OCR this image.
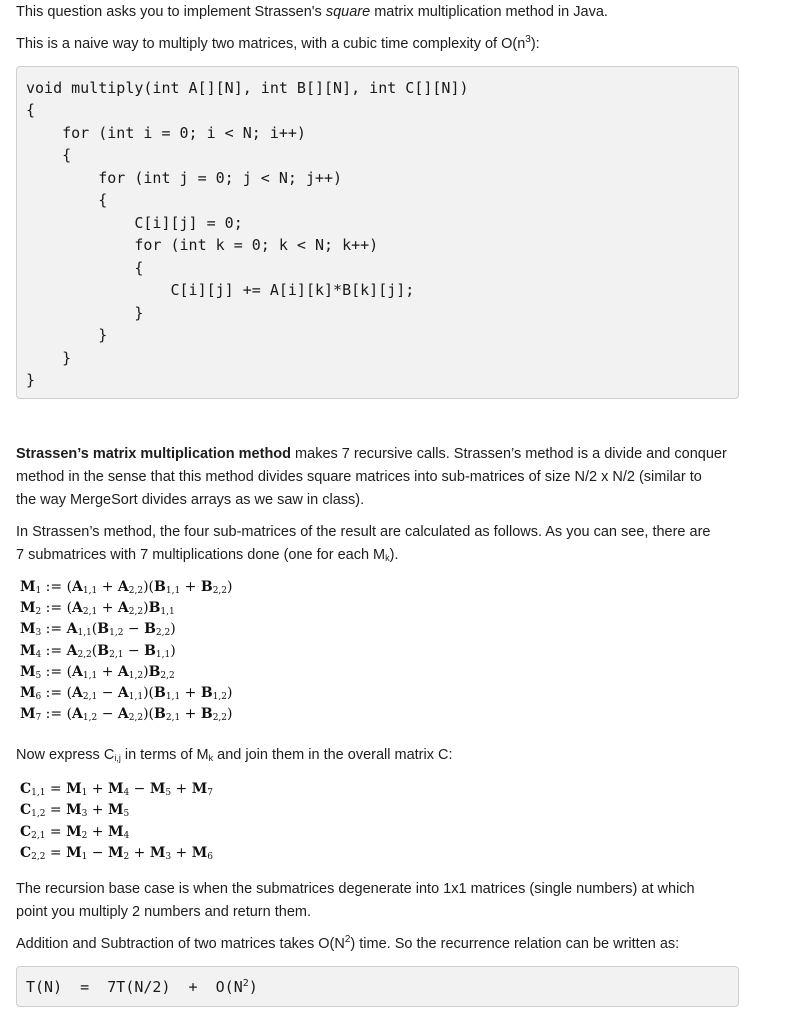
This question asks you to implement Strassen's square matrix multiplication method in Java.

This is a naive way to multiply two matrices, with a cubic time complexity of $O(n^3)$:

void multiply(int A[][N], int B[][N], int C[][N])
{
for (int i = 0; i < N; i++)
{
for (int j = 0; j < N; j++)
{
C[i][j] = 0;
for (int k = 0; k < N; k++)
{
C[i][j] += A[i][k]*B[k][j];
}
}
}
}

Strassen’s matrix multiplication method makes 7 recursive calls. Strassen’s method is a divide and conquer

method in the sense that this method divides square matrices into sub-matrices of size N/2 x N/2 (similar to

the way MergeSort divides arrays as we saw in class).

In Strassen’s method, the four sub-matrices of the result are calculated as follows. As you can see, there are

7 submatrices with 7 multiplications done (one for each $M_k$).

$M_1$ := $(A_{1,1} + A_{2,2})(B_{1,1} + B_{2,2})$
$M_2$ := $(A_{2,1} + A_{2,2})B_{1,1}$
$M_3$ := $A_{1,1}(B_{1,2} - B_{2,2})$
$M_4$ := $A_{2,2}(B_{2,1} - B_{1,1})$
$M_5$ := $(A_{1,1} + A_{1,2})B_{2,2}$
$M_6$ := $(A_{2,1} - A_{1,1})(B_{1,1} + B_{1,2})$
$M_7$ := $(A_{1,2} - A_{2,2})(B_{2,1} + B_{2,2})$

Now express $C_{i,j}$ in terms of $M_k$ and join them in the overall matrix C:

$C_{1,1} = M_1 + M_4 - M_5 + M_7$
$C_{1,2} = M_3 + M_5$
$C_{2,1} = M_2 + M_4$
$C_{2,2} = M_1 - M_2 + M_3 + M_6$

The recursion base case is when the submatrices degenerate into 1x1 matrices (single numbers) at which

point you multiply 2 numbers and return them.

Addition and Subtraction of two matrices takes $O(N^2)$ time. So the recurrence relation can be written as:

$T(N) = 7T(N/2) + O(N^2)$
